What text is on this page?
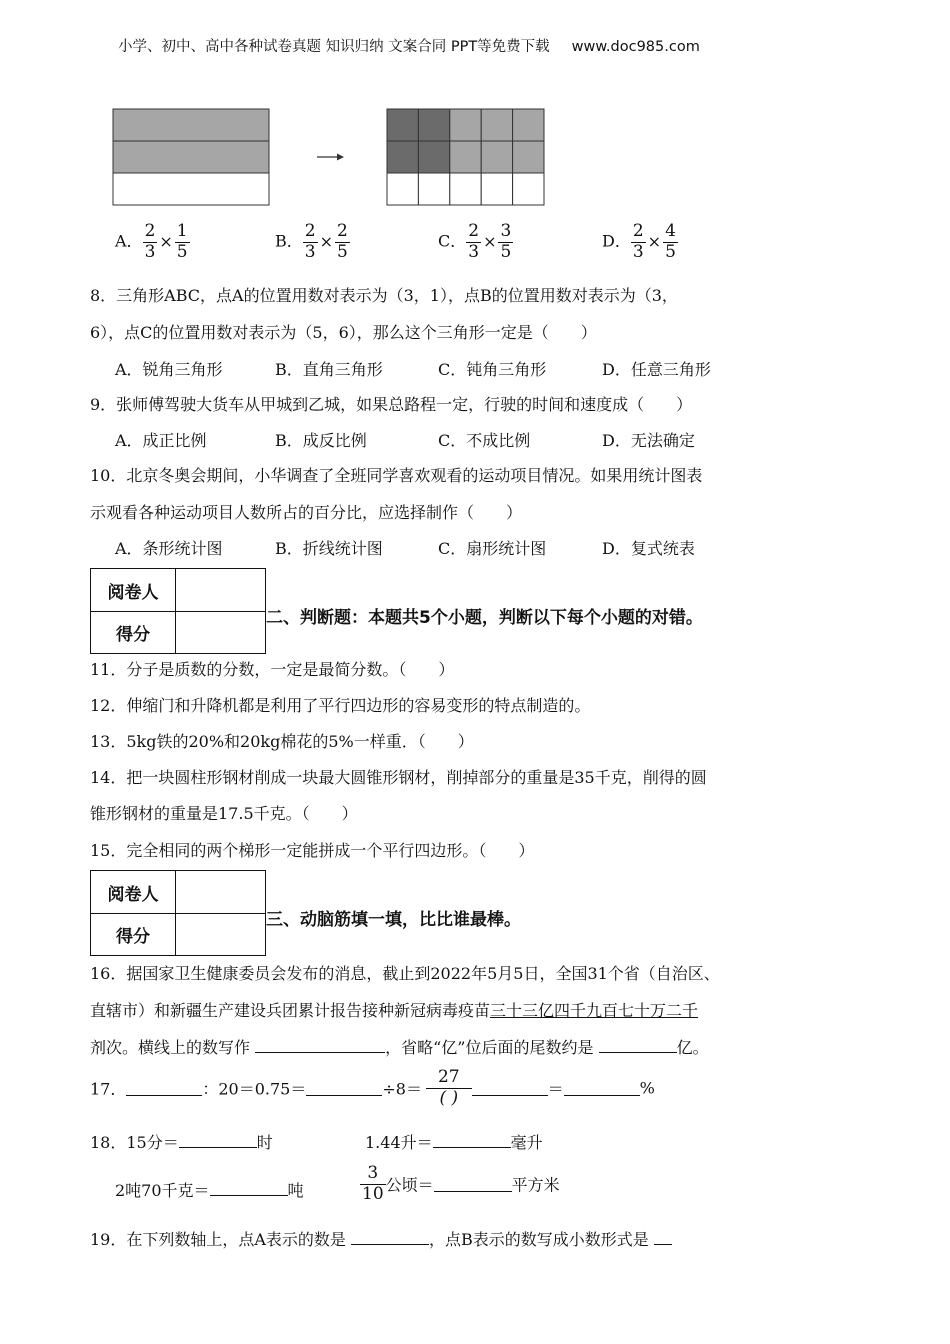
小学、初中、高中各种试卷真题 知识归纳 文案合同 PPT等免费下载 www.doc985.com
A． $\frac{2}{3} \times \frac{1}{5}$	B． $\frac{2}{3} \times \frac{2}{5}$	C． $\frac{2}{3} \times \frac{3}{5}$	D． $\frac{2}{3} \times \frac{4}{5}$
8．三角形ABC，点A的位置用数对表示为（3，1），点B的位置用数对表示为（3，
6），点C的位置用数对表示为（5，6），那么这个三角形一定是（　　）
A．锐角三角形	B．直角三角形	C．钝角三角形	D．任意三角形
9．张师傅驾驶大货车从甲城到乙城，如果总路程一定，行驶的时间和速度成（　　）
A．成正比例	B．成反比例	C．不成比例	D．无法确定
10．北京冬奥会期间，小华调查了全班同学喜欢观看的运动项目情况。如果用统计图表
示观看各种运动项目人数所占的百分比，应选择制作（　　）
A．条形统计图	B．折线统计图	C．扇形统计图	D．复式统表
阅卷人
得分
二、判断题：本题共5个小题，判断以下每个小题的对错。
11．分子是质数的分数，一定是最简分数。（　　）
12．伸缩门和升降机都是利用了平行四边形的容易变形的特点制造的。
13．5kg铁的20%和20kg棉花的5%一样重．（　　）
14．把一块圆柱形钢材削成一块最大圆锥形钢材，削掉部分的重量是35千克，削得的圆
锥形钢材的重量是17.5千克。（　　）
15．完全相同的两个梯形一定能拼成一个平行四边形。（　　）
阅卷人
得分
三、动脑筋填一填，比比谁最棒。
16．据国家卫生健康委员会发布的消息，截止到2022年5月5日，全国31个省（自治区、
直辖市）和新疆生产建设兵团累计报告接种新冠病毒疫苗三十三亿四千九百七十万二千
剂次。横线上的数写作	，省略“亿”位后面的尾数约是	亿。
17．	：20＝0.75＝	$\div 8= \frac{27}{( )}$	＝	%
18．15分＝	时	1.44升＝	毫升
2吨70千克＝	吨	$\frac{3}{10}$ 公顷＝	平方米
19．在下列数轴上，点A表示的数是	，点B表示的数写成小数形式是
